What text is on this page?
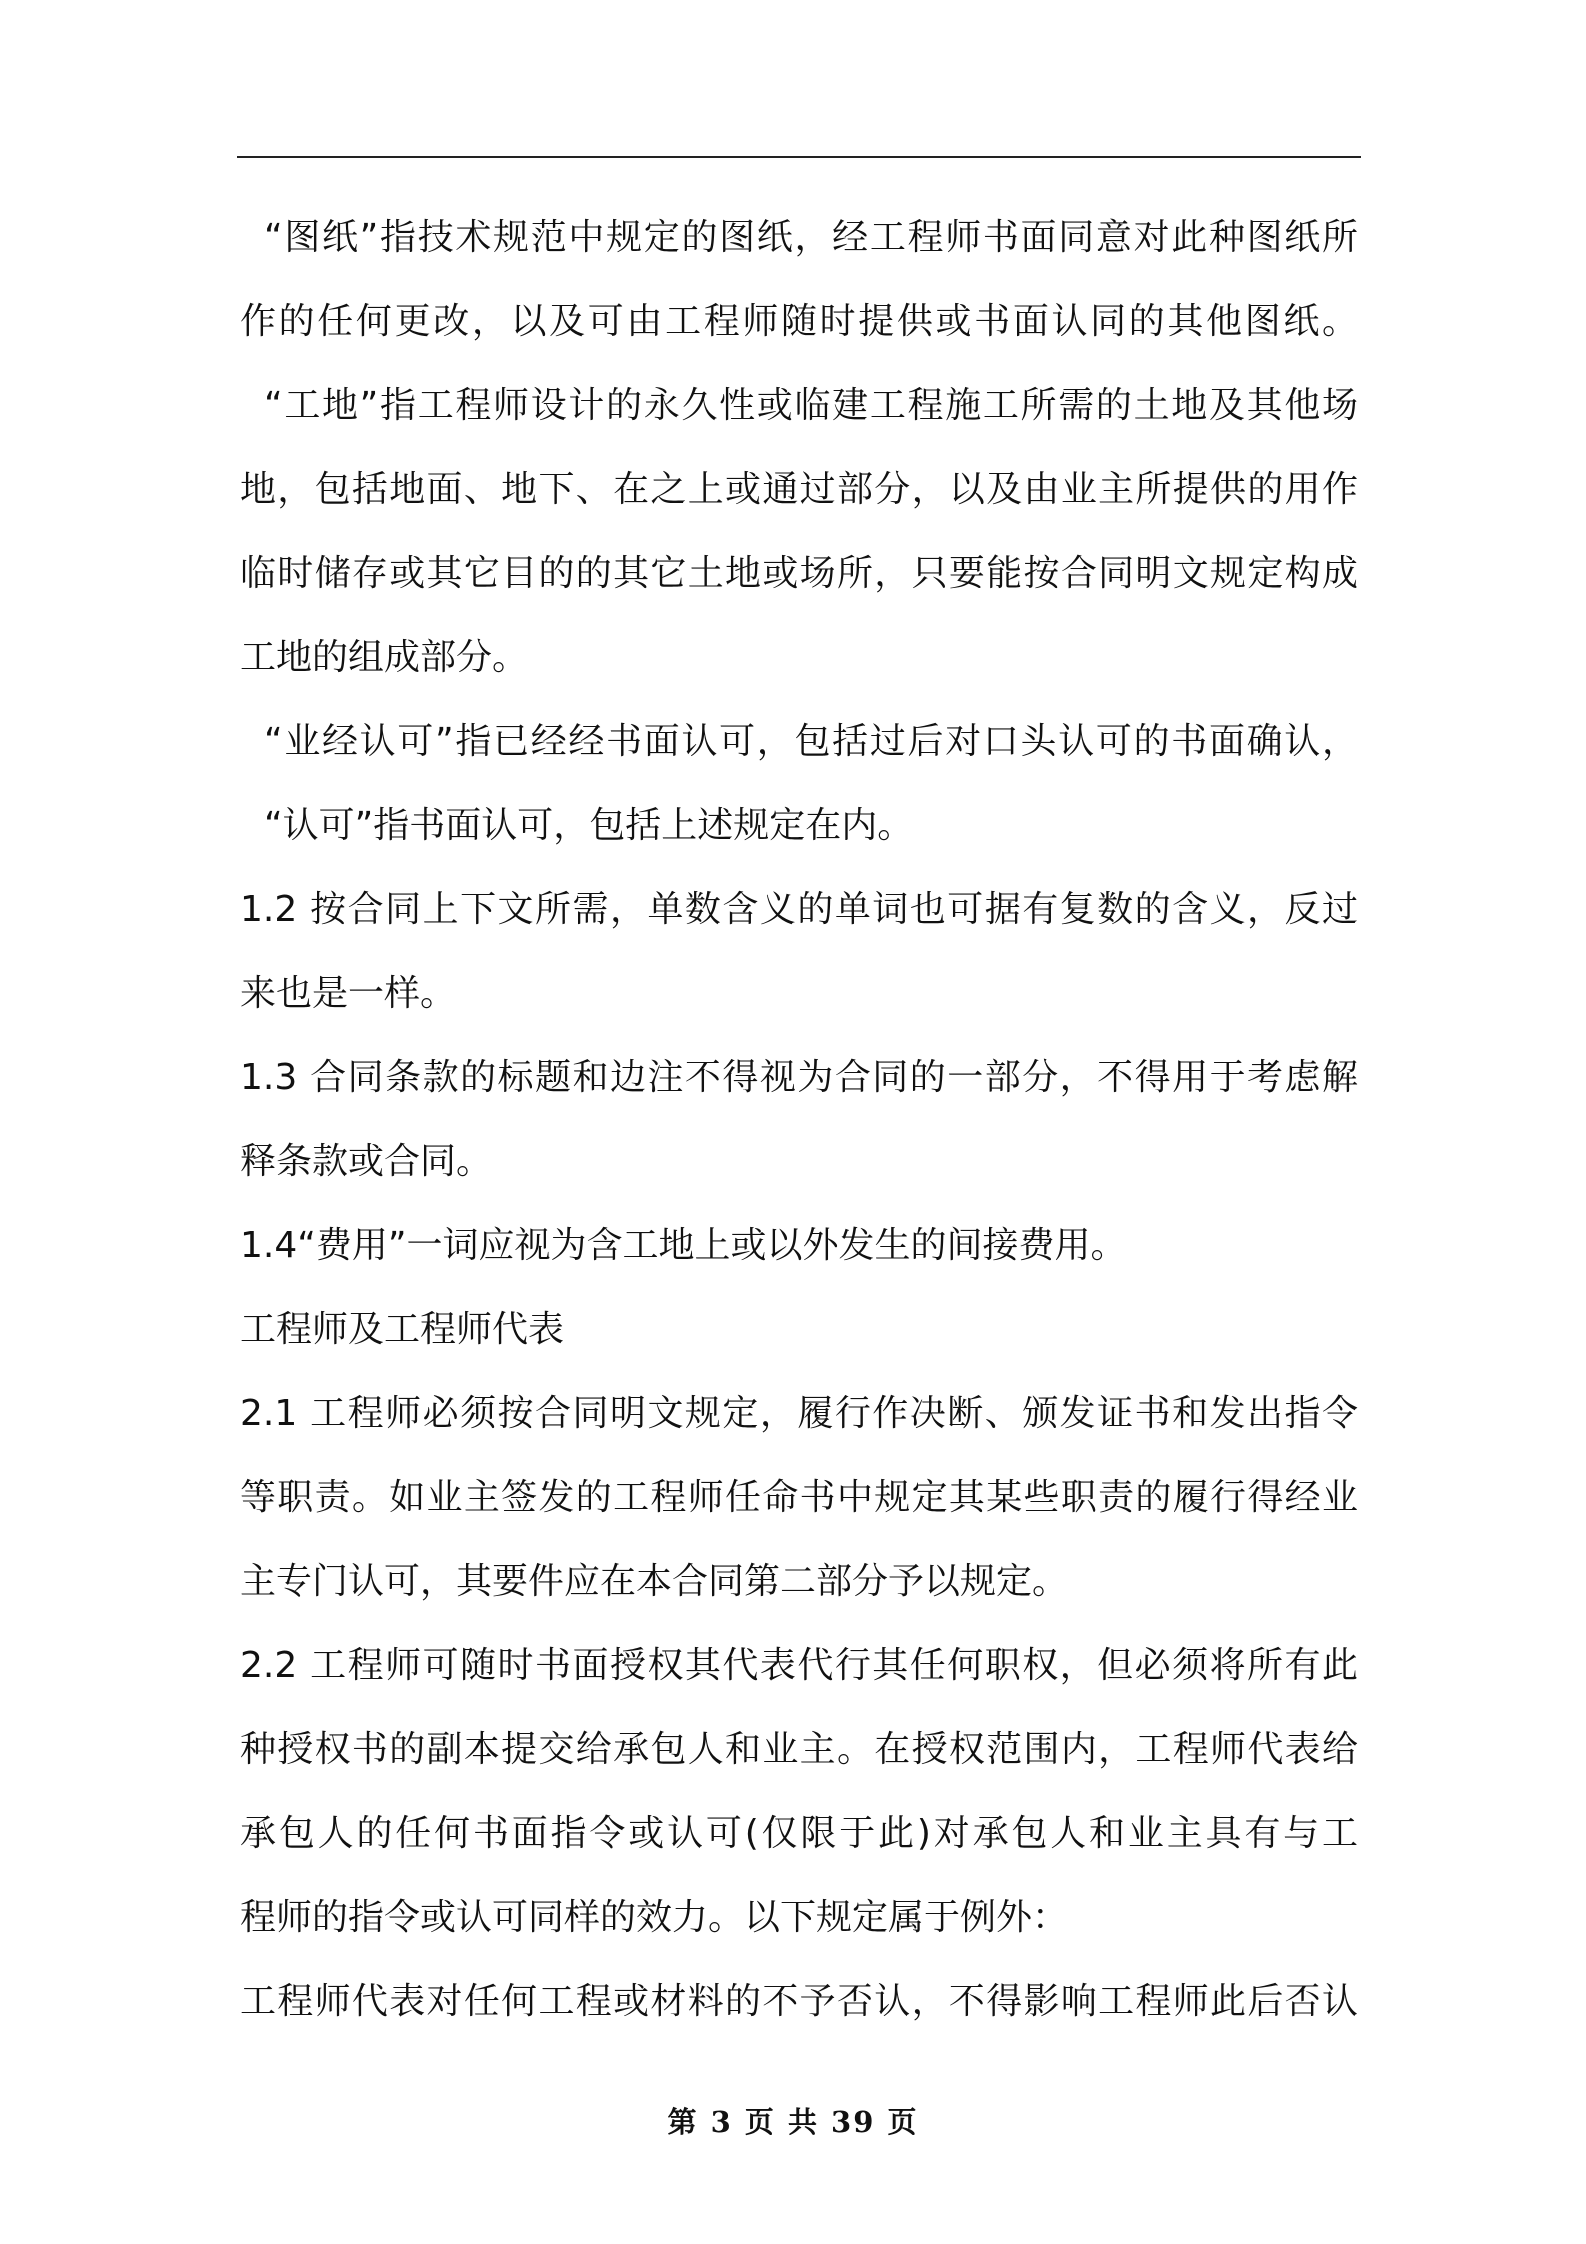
“图纸”指技术规范中规定的图纸，经工程师书面同意对此种图纸所
作的任何更改，以及可由工程师随时提供或书面认同的其他图纸。
“工地”指工程师设计的永久性或临建工程施工所需的土地及其他场
地，包括地面、地下、在之上或通过部分，以及由业主所提供的用作
临时储存或其它目的的其它土地或场所，只要能按合同明文规定构成
工地的组成部分。
“业经认可”指已经经书面认可，包括过后对口头认可的书面确认，
“认可”指书面认可，包括上述规定在内。
1.2 按合同上下文所需，单数含义的单词也可据有复数的含义，反过
来也是一样。
1.3 合同条款的标题和边注不得视为合同的一部分，不得用于考虑解
释条款或合同。
1.4“费用”一词应视为含工地上或以外发生的间接费用。
工程师及工程师代表
2.1 工程师必须按合同明文规定，履行作决断、颁发证书和发出指令
等职责。如业主签发的工程师任命书中规定其某些职责的履行得经业
主专门认可，其要件应在本合同第二部分予以规定。
2.2 工程师可随时书面授权其代表代行其任何职权，但必须将所有此
种授权书的副本提交给承包人和业主。在授权范围内，工程师代表给
承包人的任何书面指令或认可(仅限于此)对承包人和业主具有与工
程师的指令或认可同样的效力。以下规定属于例外：
工程师代表对任何工程或材料的不予否认，不得影响工程师此后否认
第 3 页 共 39 页
